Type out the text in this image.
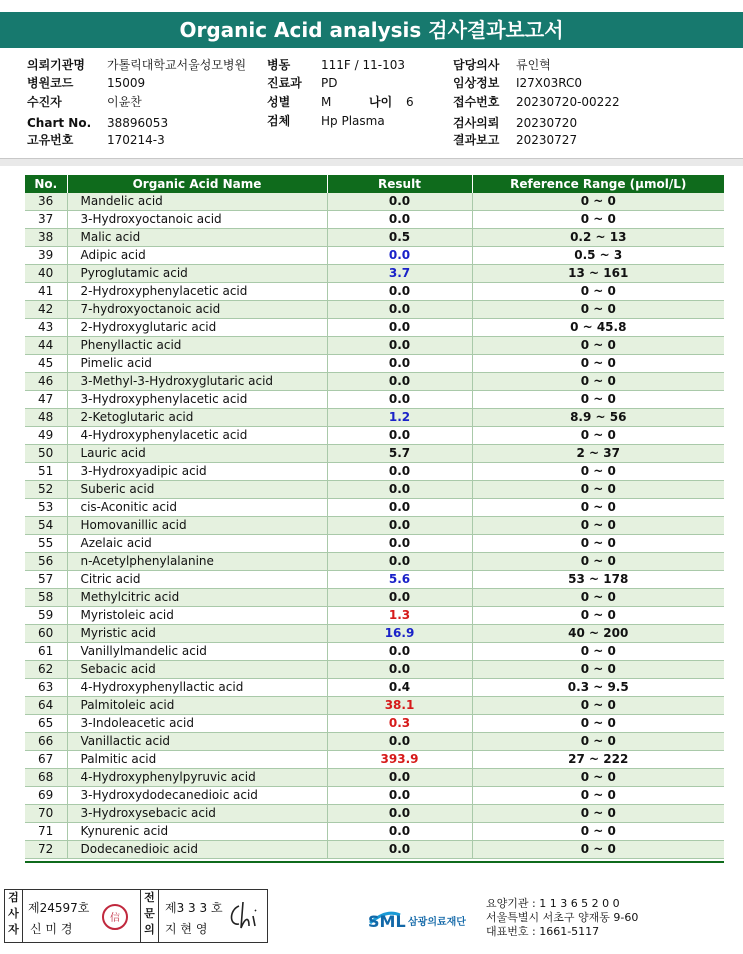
Organic Acid analysis 검사결과보고서
의뢰기관명 가톨릭대학교서울성모병원
병원코드	15009
수진자	이윤찬
Chart No. 38896053
고유번호	170214-3
병동	111F / 11-103
진료과 PD
성별	M	나이 6
검체	Hp Plasma
담당의사 류인혁
임상정보 I27X03RC0
접수번호 20230720-00222
검사의뢰 20230720
결과보고 20230727
No.	Organic Acid Name	Result	Reference Range (µmol/L)
36	Mandelic acid	0.0	0 ~ 0
37	3-Hydroxyoctanoic acid	0.0	0 ~ 0
38	Malic acid	0.5	0.2 ~ 13
39	Adipic acid	0.0	0.5 ~ 3
40	Pyroglutamic acid	3.7	13 ~ 161
41	2-Hydroxyphenylacetic acid	0.0	0 ~ 0
42	7-hydroxyoctanoic acid	0.0	0 ~ 0
43	2-Hydroxyglutaric acid	0.0	0 ~ 45.8
44	Phenyllactic acid	0.0	0 ~ 0
45	Pimelic acid	0.0	0 ~ 0
46	3-Methyl-3-Hydroxyglutaric acid	0.0	0 ~ 0
47	3-Hydroxyphenylacetic acid	0.0	0 ~ 0
48	2-Ketoglutaric acid	1.2	8.9 ~ 56
49	4-Hydroxyphenylacetic acid	0.0	0 ~ 0
50	Lauric acid	5.7	2 ~ 37
51	3-Hydroxyadipic acid	0.0	0 ~ 0
52	Suberic acid	0.0	0 ~ 0
53	cis-Aconitic acid	0.0	0 ~ 0
54	Homovanillic acid	0.0	0 ~ 0
55	Azelaic acid	0.0	0 ~ 0
56	n-Acetylphenylalanine	0.0	0 ~ 0
57	Citric acid	5.6	53 ~ 178
58	Methylcitric acid	0.0	0 ~ 0
59	Myristoleic acid	1.3	0 ~ 0
60	Myristic acid	16.9	40 ~ 200
61	Vanillylmandelic acid	0.0	0 ~ 0
62	Sebacic acid	0.0	0 ~ 0
63	4-Hydroxyphenyllactic acid	0.4	0.3 ~ 9.5
64	Palmitoleic acid	38.1	0 ~ 0
65	3-Indoleacetic acid	0.3	0 ~ 0
66	Vanillactic acid	0.0	0 ~ 0
67	Palmitic acid	393.9	27 ~ 222
68	4-Hydroxyphenylpyruvic acid	0.0	0 ~ 0
69	3-Hydroxydodecanedioic acid	0.0	0 ~ 0
70	3-Hydroxysebacic acid	0.0	0 ~ 0
71	Kynurenic acid	0.0	0 ~ 0
72	Dodecanedioic acid	0.0	0 ~ 0
검
사
자
제24597호
신 미 경
信
전
문
의
제3 3 3 호
지 현 영	SML 삼광의료재단
요양기관 : 1 1 3 6 5 2 0 0
서울특별시 서초구 양재동 9-60
대표번호 : 1661-5117
